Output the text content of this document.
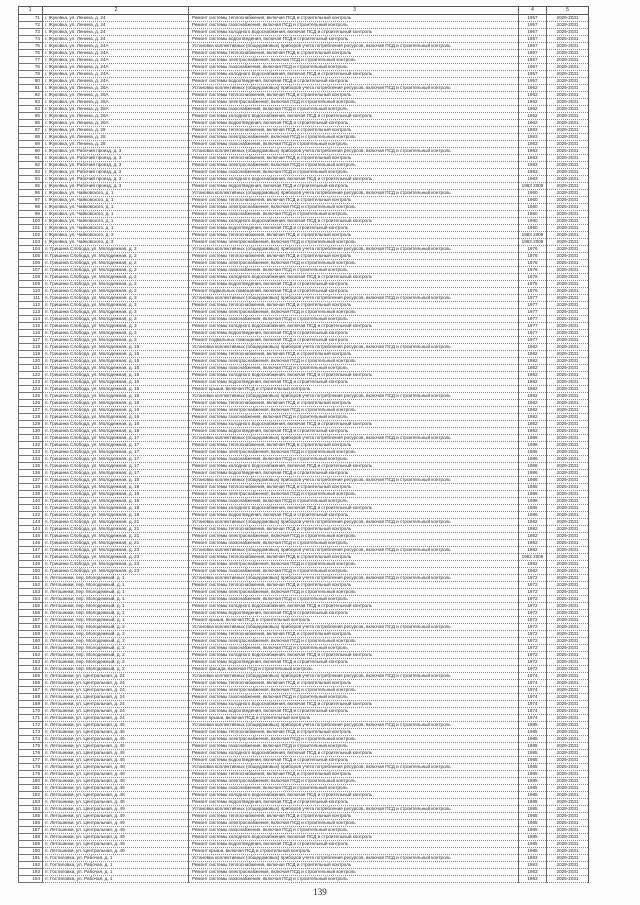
1	2	3	4	5
71	г. Жуковка, ул. Ленина, д. 24	Ремонт системы теплоснабжения, включая ПСД и строительный контроль	1957	2029-2031
72	г. Жуковка, ул. Ленина, д. 24	Ремонт системы газоснабжения, включая ПСД и строительный контроль	1957	2029-2031
73	г. Жуковка, ул. Ленина, д. 24	Ремонт системы холодного водоснабжения, включая ПСД и строительный контроль	1957	2029-2031
74	г. Жуковка, ул. Ленина, д. 24	Ремонт системы водоотведения, включая ПСД и строительный контроль	1957	2029-2031
75	г. Жуковка, ул. Ленина, д. 24А	Установка коллективных (общедомовых) приборов учета потребления ресурсов, включая ПСД и строительный контроль	1957	2029-2031
76	г. Жуковка, ул. Ленина, д. 24А	Ремонт системы теплоснабжения, включая ПСД и строительный контроль	1957	2029-2031
77	г. Жуковка, ул. Ленина, д. 24А	Ремонт системы электроснабжения, включая ПСД и строительный контроль	1957	2029-2031
78	г. Жуковка, ул. Ленина, д. 24А	Ремонт системы газоснабжения, включая ПСД и строительный контроль	1957	2029-2031
79	г. Жуковка, ул. Ленина, д. 24А	Ремонт системы холодного водоснабжения, включая ПСД и строительный контроль	1957	2029-2031
80	г. Жуковка, ул. Ленина, д. 24А	Ремонт системы водоотведения, включая ПСД и строительный контроль	1957	2029-2031
81	г. Жуковка, ул. Ленина, д. 26А	Установка коллективных (общедомовых) приборов учета потребления ресурсов, включая ПСД и строительный контроль	1962	2029-2031
82	г. Жуковка, ул. Ленина, д. 26А	Ремонт системы теплоснабжения, включая ПСД и строительный контроль	1962	2029-2031
83	г. Жуковка, ул. Ленина, д. 26А	Ремонт системы электроснабжения, включая ПСД и строительный контроль	1962	2029-2031
84	г. Жуковка, ул. Ленина, д. 26А	Ремонт системы газоснабжения, включая ПСД и строительный контроль	1962	2029-2031
85	г. Жуковка, ул. Ленина, д. 26А	Ремонт системы холодного водоснабжения, включая ПСД и строительный контроль	1962	2029-2031
86	г. Жуковка, ул. Ленина, д. 26А	Ремонт системы водоотведения, включая ПСД и строительный контроль	1962	2029-2031
87	г. Жуковка, ул. Ленина, д. 28	Ремонт системы теплоснабжения, включая ПСД и строительный контроль	1983	2029-2031
88	г. Жуковка, ул. Ленина, д. 28	Ремонт системы электроснабжения, включая ПСД и строительный контроль	1983	2029-2031
89	г. Жуковка, ул. Ленина, д. 28	Ремонт системы газоснабжения, включая ПСД и строительный контроль	1983	2029-2031
90	г. Жуковка, ул. Рабочий проезд, д. 3	Установка коллективных (общедомовых) приборов учета потребления ресурсов, включая ПСД и строительный контроль	1983	2029-2031
91	г. Жуковка, ул. Рабочий проезд, д. 3	Ремонт системы теплоснабжения, включая ПСД и строительный контроль	1983	2029-2031
92	г. Жуковка, ул. Рабочий проезд, д. 3	Ремонт системы электроснабжения, включая ПСД и строительный контроль	1983	2029-2031
93	г. Жуковка, ул. Рабочий проезд, д. 3	Ремонт системы газоснабжения, включая ПСД и строительный контроль	1983	2029-2031
94	г. Жуковка, ул. Рабочий проезд, д. 3	Ремонт системы холодного водоснабжения, включая ПСД и строительный контроль	1983	2029-2031
95	г. Жуковка, ул. Рабочий проезд, д. 3	Ремонт системы водоотведения, включая ПСД и строительный контроль	1983 2009	2029-2031
96	г. Жуковка, ул. Чайковского, д. 1	Установка коллективных (общедомовых) приборов учета потребления ресурсов, включая ПСД и строительный контроль	1960	2029-2031
97	г. Жуковка, ул. Чайковского, д. 1	Ремонт системы теплоснабжения, включая ПСД и строительный контроль	1960	2029-2031
98	г. Жуковка, ул. Чайковского, д. 1	Ремонт системы электроснабжения, включая ПСД и строительный контроль	1960	2029-2031
99	г. Жуковка, ул. Чайковского, д. 1	Ремонт системы газоснабжения, включая ПСД и строительный контроль	1960	2029-2031
100	г. Жуковка, ул. Чайковского, д. 1	Ремонт системы холодного водоснабжения, включая ПСД и строительный контроль	1960	2029-2031
101	г. Жуковка, ул. Чайковского, д. 1	Ремонт системы водоотведения, включая ПСД и строительный контроль	1960	2029-2031
102	г. Жуковка, ул. Чайковского, д. 3	Ремонт системы теплоснабжения, включая ПСД и строительный контроль	1983 2009	2029-2031
103	г. Жуковка, ул. Чайковского, д. 3	Ремонт системы электроснабжения, включая ПСД и строительный контроль	1983 2009	2029-2031
104	п. Гришина Слобода, ул. Молодежная, д. 2	Установка коллективных (общедомовых) приборов учета потребления ресурсов, включая ПСД и строительный контроль	1976	2029-2031
105	п. Гришина Слобода, ул. Молодежная, д. 2	Ремонт системы теплоснабжения, включая ПСД и строительный контроль	1976	2029-2031
106	п. Гришина Слобода, ул. Молодежная, д. 2	Ремонт системы электроснабжения, включая ПСД и строительный контроль	1976	2029-2031
107	п. Гришина Слобода, ул. Молодежная, д. 2	Ремонт системы газоснабжения, включая ПСД и строительный контроль	1976	2029-2031
108	п. Гришина Слобода, ул. Молодежная, д. 2	Ремонт системы холодного водоснабжения, включая ПСД и строительный контроль	1976	2029-2031
109	п. Гришина Слобода, ул. Молодежная, д. 2	Ремонт системы водоотведения, включая ПСД и строительный контроль	1976	2029-2031
110	п. Гришина Слобода, ул. Молодежная, д. 2	Ремонт подвальных помещений, включая ПСД и строительный контроль	1976	2029-2031
111	п. Гришина Слобода, ул. Молодежная, д. 3	Установка коллективных (общедомовых) приборов учета потребления ресурсов, включая ПСД и строительный контроль	1977	2029-2031
112	п. Гришина Слобода, ул. Молодежная, д. 3	Ремонт системы теплоснабжения, включая ПСД и строительный контроль	1977	2029-2031
113	п. Гришина Слобода, ул. Молодежная, д. 3	Ремонт системы электроснабжения, включая ПСД и строительный контроль	1977	2029-2031
114	п. Гришина Слобода, ул. Молодежная, д. 3	Ремонт системы газоснабжения, включая ПСД и строительный контроль	1977	2029-2031
115	п. Гришина Слобода, ул. Молодежная, д. 3	Ремонт системы холодного водоснабжения, включая ПСД и строительный контроль	1977	2029-2031
116	п. Гришина Слобода, ул. Молодежная, д. 3	Ремонт системы водоотведения, включая ПСД и строительный контроль	1977	2029-2031
117	п. Гришина Слобода, ул. Молодежная, д. 3	Ремонт подвальных помещений, включая ПСД и строительный контроль	1977	2029-2031
118	п. Гришина Слобода, ул. Молодежная, д. 15	Установка коллективных (общедомовых) приборов учета потребления ресурсов, включая ПСД и строительный контроль	1982	2029-2031
119	п. Гришина Слобода, ул. Молодежная, д. 15	Ремонт системы теплоснабжения, включая ПСД и строительный контроль	1982	2029-2031
120	п. Гришина Слобода, ул. Молодежная, д. 15	Ремонт системы электроснабжения, включая ПСД и строительный контроль	1982	2029-2031
121	п. Гришина Слобода, ул. Молодежная, д. 15	Ремонт системы газоснабжения, включая ПСД и строительный контроль	1982	2029-2031
122	п. Гришина Слобода, ул. Молодежная, д. 15	Ремонт системы холодного водоснабжения, включая ПСД и строительный контроль	1982	2029-2031
123	п. Гришина Слобода, ул. Молодежная, д. 15	Ремонт системы водоотведения, включая ПСД и строительный контроль	1982	2029-2031
124	п. Гришина Слобода, ул. Молодежная, д. 15	Ремонт крыши, включая ПСД и строительный контроль	1982	2029-2031
125	п. Гришина Слобода, ул. Молодежная, д. 16	Установка коллективных (общедомовых) приборов учета потребления ресурсов, включая ПСД и строительный контроль	1982	2029-2031
126	п. Гришина Слобода, ул. Молодежная, д. 16	Ремонт системы теплоснабжения, включая ПСД и строительный контроль	1982	2029-2031
127	п. Гришина Слобода, ул. Молодежная, д. 16	Ремонт системы электроснабжения, включая ПСД и строительный контроль	1982	2029-2031
128	п. Гришина Слобода, ул. Молодежная, д. 16	Ремонт системы газоснабжения, включая ПСД и строительный контроль	1982	2029-2031
129	п. Гришина Слобода, ул. Молодежная, д. 16	Ремонт системы холодного водоснабжения, включая ПСД и строительный контроль	1982	2029-2031
130	п. Гришина Слобода, ул. Молодежная, д. 16	Ремонт системы водоотведения, включая ПСД и строительный контроль	1982	2029-2031
131	п. Гришина Слобода, ул. Молодежная, д. 17	Установка коллективных (общедомовых) приборов учета потребления ресурсов, включая ПСД и строительный контроль	1986	2029-2031
132	п. Гришина Слобода, ул. Молодежная, д. 17	Ремонт системы теплоснабжения, включая ПСД и строительный контроль	1986	2029-2031
133	п. Гришина Слобода, ул. Молодежная, д. 17	Ремонт системы электроснабжения, включая ПСД и строительный контроль	1986	2029-2031
134	п. Гришина Слобода, ул. Молодежная, д. 17	Ремонт системы газоснабжения, включая ПСД и строительный контроль	1986	2029-2031
135	п. Гришина Слобода, ул. Молодежная, д. 17	Ремонт системы холодного водоснабжения, включая ПСД и строительный контроль	1986	2029-2031
136	п. Гришина Слобода, ул. Молодежная, д. 17	Ремонт системы водоотведения, включая ПСД и строительный контроль	1986	2029-2031
137	п. Гришина Слобода, ул. Молодежная, д. 18	Установка коллективных (общедомовых) приборов учета потребления ресурсов, включая ПСД и строительный контроль	1986	2029-2031
138	п. Гришина Слобода, ул. Молодежная, д. 18	Ремонт системы теплоснабжения, включая ПСД и строительный контроль	1986	2029-2031
139	п. Гришина Слобода, ул. Молодежная, д. 18	Ремонт системы электроснабжения, включая ПСД и строительный контроль	1986	2029-2031
140	п. Гришина Слобода, ул. Молодежная, д. 18	Ремонт системы газоснабжения, включая ПСД и строительный контроль	1986	2029-2031
141	п. Гришина Слобода, ул. Молодежная, д. 18	Ремонт системы холодного водоснабжения, включая ПСД и строительный контроль	1986	2029-2031
142	п. Гришина Слобода, ул. Молодежная, д. 18	Ремонт системы водоотведения, включая ПСД и строительный контроль	1986	2029-2031
143	п. Гришина Слобода, ул. Молодежная, д. 21	Установка коллективных (общедомовых) приборов учета потребления ресурсов, включая ПСД и строительный контроль	1982	2029-2031
144	п. Гришина Слобода, ул. Молодежная, д. 21	Ремонт системы теплоснабжения, включая ПСД и строительный контроль	1982	2029-2031
145	п. Гришина Слобода, ул. Молодежная, д. 21	Ремонт системы электроснабжения, включая ПСД и строительный контроль	1982	2029-2031
146	п. Гришина Слобода, ул. Молодежная, д. 21	Ремонт системы газоснабжения, включая ПСД и строительный контроль	1982	2029-2031
147	п. Гришина Слобода, ул. Молодежная, д. 23	Установка коллективных (общедомовых) приборов учета потребления ресурсов, включая ПСД и строительный контроль	1982	2029-2031
148	п. Гришина Слобода, ул. Молодежная, д. 23	Ремонт системы теплоснабжения, включая ПСД и строительный контроль	1982 2009	2029-2031
149	п. Гришина Слобода, ул. Молодежная, д. 23	Ремонт системы электроснабжения, включая ПСД и строительный контроль	1982	2029-2031
150	п. Гришина Слобода, ул. Молодежная, д. 23	Ремонт системы газоснабжения, включая ПСД и строительный контроль	1982	2029-2031
151	п. Летошники, пер. Молодежный, д. 1	Установка коллективных (общедомовых) приборов учета потребления ресурсов, включая ПСД и строительный контроль	1972	2029-2031
152	п. Летошники, пер. Молодежный, д. 1	Ремонт системы теплоснабжения, включая ПСД и строительный контроль	1972	2029-2031
153	п. Летошники, пер. Молодежный, д. 1	Ремонт системы электроснабжения, включая ПСД и строительный контроль	1972	2029-2031
154	п. Летошники, пер. Молодежный, д. 1	Ремонт системы газоснабжения, включая ПСД и строительный контроль	1972	2029-2031
155	п. Летошники, пер. Молодежный, д. 1	Ремонт системы холодного водоснабжения, включая ПСД и строительный контроль	1972	2029-2031
156	п. Летошники, пер. Молодежный, д. 1	Ремонт системы водоотведения, включая ПСД и строительный контроль	1972	2029-2031
157	п. Летошники, пер. Молодежный, д. 1	Ремонт крыши, включая ПСД и строительный контроль	1972	2029-2031
158	п. Летошники, пер. Молодежный, д. 2	Установка коллективных (общедомовых) приборов учета потребления ресурсов, включая ПСД и строительный контроль	1972	2029-2031
159	п. Летошники, пер. Молодежный, д. 2	Ремонт системы теплоснабжения, включая ПСД и строительный контроль	1972	2029-2031
160	п. Летошники, пер. Молодежный, д. 2	Ремонт системы электроснабжения, включая ПСД и строительный контроль	1972	2029-2031
161	п. Летошники, пер. Молодежный, д. 2	Ремонт системы газоснабжения, включая ПСД и строительный контроль	1972	2029-2031
162	п. Летошники, пер. Молодежный, д. 2	Ремонт системы холодного водоснабжения, включая ПСД и строительный контроль	1972	2029-2031
163	п. Летошники, пер. Молодежный, д. 2	Ремонт системы водоотведения, включая ПСД и строительный контроль	1972	2029-2031
164	п. Летошники, пер. Молодежный, д. 2	Ремонт фасада, включая ПСД и строительный контроль	1972	2029-2031
165	п. Летошники, ул. Центральная, д. 24	Установка коллективных (общедомовых) приборов учета потребления ресурсов, включая ПСД и строительный контроль	1974	2029-2031
166	п. Летошники, ул. Центральная, д. 24	Ремонт системы теплоснабжения, включая ПСД и строительный контроль	1974	2029-2031
167	п. Летошники, ул. Центральная, д. 24	Ремонт системы электроснабжения, включая ПСД и строительный контроль	1974	2029-2031
168	п. Летошники, ул. Центральная, д. 24	Ремонт системы газоснабжения, включая ПСД и строительный контроль	1974	2029-2031
169	п. Летошники, ул. Центральная, д. 24	Ремонт системы холодного водоснабжения, включая ПСД и строительный контроль	1974	2029-2031
170	п. Летошники, ул. Центральная, д. 24	Ремонт системы водоотведения, включая ПСД и строительный контроль	1974	2029-2031
171	п. Летошники, ул. Центральная, д. 24	Ремонт крыши, включая ПСД и строительный контроль	1974	2029-2031
172	п. Летошники, ул. Центральная, д. 45	Установка коллективных (общедомовых) приборов учета потребления ресурсов, включая ПСД и строительный контроль	1985	2029-2031
173	п. Летошники, ул. Центральная, д. 45	Ремонт системы теплоснабжения, включая ПСД и строительный контроль	1985	2029-2031
174	п. Летошники, ул. Центральная, д. 45	Ремонт системы электроснабжения, включая ПСД и строительный контроль	1985	2029-2031
175	п. Летошники, ул. Центральная, д. 45	Ремонт системы газоснабжения, включая ПСД и строительный контроль	1985	2029-2031
176	п. Летошники, ул. Центральная, д. 45	Ремонт системы холодного водоснабжения, включая ПСД и строительный контроль	1985	2029-2031
177	п. Летошники, ул. Центральная, д. 45	Ремонт системы водоотведения, включая ПСД и строительный контроль	1985	2029-2031
178	п. Летошники, ул. Центральная, д. 48	Установка коллективных (общедомовых) приборов учета потребления ресурсов, включая ПСД и строительный контроль	1985	2029-2031
179	п. Летошники, ул. Центральная, д. 48	Ремонт системы теплоснабжения, включая ПСД и строительный контроль	1985	2029-2031
180	п. Летошники, ул. Центральная, д. 48	Ремонт системы электроснабжения, включая ПСД и строительный контроль	1985	2029-2031
181	п. Летошники, ул. Центральная, д. 48	Ремонт системы газоснабжения, включая ПСД и строительный контроль	1985	2029-2031
182	п. Летошники, ул. Центральная, д. 48	Ремонт системы холодного водоснабжения, включая ПСД и строительный контроль	1985	2029-2031
183	п. Летошники, ул. Центральная, д. 48	Ремонт системы водоотведения, включая ПСД и строительный контроль	1985	2029-2031
184	п. Летошники, ул. Центральная, д. 49	Установка коллективных (общедомовых) приборов учета потребления ресурсов, включая ПСД и строительный контроль	1985	2029-2031
185	п. Летошники, ул. Центральная, д. 49	Ремонт системы теплоснабжения, включая ПСД и строительный контроль	1985	2029-2031
186	п. Летошники, ул. Центральная, д. 49	Ремонт системы электроснабжения, включая ПСД и строительный контроль	1985	2029-2031
187	п. Летошники, ул. Центральная, д. 49	Ремонт системы газоснабжения, включая ПСД и строительный контроль	1985	2029-2031
188	п. Летошники, ул. Центральная, д. 49	Ремонт системы холодного водоснабжения, включая ПСД и строительный контроль	1985	2029-2031
189	п. Летошники, ул. Центральная, д. 49	Ремонт системы водоотведения, включая ПСД и строительный контроль	1985	2029-2031
190	п. Летошники, ул. Центральная, д. 49	Ремонт крыши, включая ПСД и строительный контроль	1985	2029-2031
191	п. Гостиловка, ул. Рабочая, д. 1	Установка коллективных (общедомовых) приборов учета потребления ресурсов, включая ПСД и строительный контроль	1983	2029-2031
192	п. Гостиловка, ул. Рабочая, д. 1	Ремонт системы теплоснабжения, включая ПСД и строительный контроль	1983	2029-2031
193	п. Гостиловка, ул. Рабочая, д. 1	Ремонт системы электроснабжения, включая ПСД и строительный контроль	1983	2029-2031
194	п. Гостиловка, ул. Рабочая, д. 1	Ремонт системы газоснабжения, включая ПСД и строительный контроль	1983	2029-2031
139
